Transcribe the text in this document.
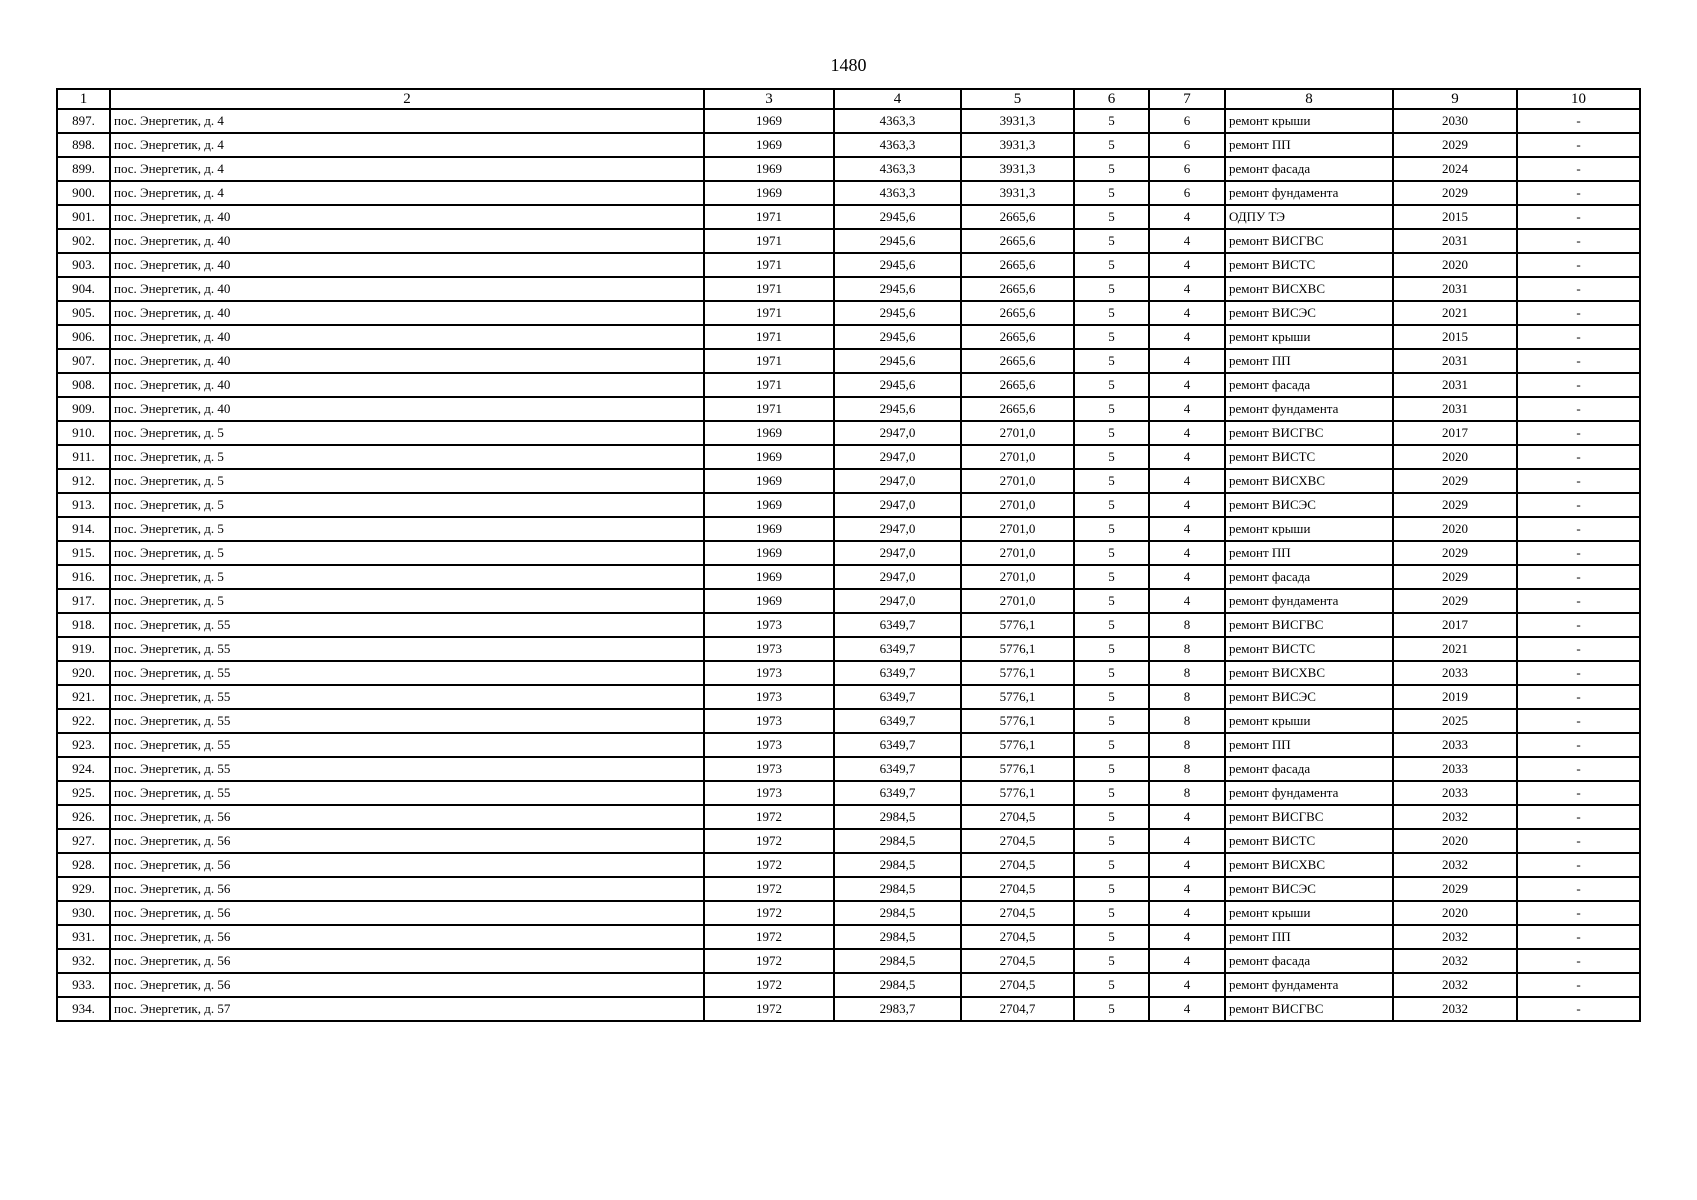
1480
1	2	3	4	5	6	7	8	9	10
897.	пос. Энергетик, д. 4	1969	4363,3	3931,3	5	6	ремонт крыши	2030	-
898.	пос. Энергетик, д. 4	1969	4363,3	3931,3	5	6	ремонт ПП	2029	-
899.	пос. Энергетик, д. 4	1969	4363,3	3931,3	5	6	ремонт фасада	2024	-
900.	пос. Энергетик, д. 4	1969	4363,3	3931,3	5	6	ремонт фундамента	2029	-
901.	пос. Энергетик, д. 40	1971	2945,6	2665,6	5	4	ОДПУ ТЭ	2015	-
902.	пос. Энергетик, д. 40	1971	2945,6	2665,6	5	4	ремонт ВИСГВС	2031	-
903.	пос. Энергетик, д. 40	1971	2945,6	2665,6	5	4	ремонт ВИСТС	2020	-
904.	пос. Энергетик, д. 40	1971	2945,6	2665,6	5	4	ремонт ВИСХВС	2031	-
905.	пос. Энергетик, д. 40	1971	2945,6	2665,6	5	4	ремонт ВИСЭС	2021	-
906.	пос. Энергетик, д. 40	1971	2945,6	2665,6	5	4	ремонт крыши	2015	-
907.	пос. Энергетик, д. 40	1971	2945,6	2665,6	5	4	ремонт ПП	2031	-
908.	пос. Энергетик, д. 40	1971	2945,6	2665,6	5	4	ремонт фасада	2031	-
909.	пос. Энергетик, д. 40	1971	2945,6	2665,6	5	4	ремонт фундамента	2031	-
910.	пос. Энергетик, д. 5	1969	2947,0	2701,0	5	4	ремонт ВИСГВС	2017	-
911.	пос. Энергетик, д. 5	1969	2947,0	2701,0	5	4	ремонт ВИСТС	2020	-
912.	пос. Энергетик, д. 5	1969	2947,0	2701,0	5	4	ремонт ВИСХВС	2029	-
913.	пос. Энергетик, д. 5	1969	2947,0	2701,0	5	4	ремонт ВИСЭС	2029	-
914.	пос. Энергетик, д. 5	1969	2947,0	2701,0	5	4	ремонт крыши	2020	-
915.	пос. Энергетик, д. 5	1969	2947,0	2701,0	5	4	ремонт ПП	2029	-
916.	пос. Энергетик, д. 5	1969	2947,0	2701,0	5	4	ремонт фасада	2029	-
917.	пос. Энергетик, д. 5	1969	2947,0	2701,0	5	4	ремонт фундамента	2029	-
918.	пос. Энергетик, д. 55	1973	6349,7	5776,1	5	8	ремонт ВИСГВС	2017	-
919.	пос. Энергетик, д. 55	1973	6349,7	5776,1	5	8	ремонт ВИСТС	2021	-
920.	пос. Энергетик, д. 55	1973	6349,7	5776,1	5	8	ремонт ВИСХВС	2033	-
921.	пос. Энергетик, д. 55	1973	6349,7	5776,1	5	8	ремонт ВИСЭС	2019	-
922.	пос. Энергетик, д. 55	1973	6349,7	5776,1	5	8	ремонт крыши	2025	-
923.	пос. Энергетик, д. 55	1973	6349,7	5776,1	5	8	ремонт ПП	2033	-
924.	пос. Энергетик, д. 55	1973	6349,7	5776,1	5	8	ремонт фасада	2033	-
925.	пос. Энергетик, д. 55	1973	6349,7	5776,1	5	8	ремонт фундамента	2033	-
926.	пос. Энергетик, д. 56	1972	2984,5	2704,5	5	4	ремонт ВИСГВС	2032	-
927.	пос. Энергетик, д. 56	1972	2984,5	2704,5	5	4	ремонт ВИСТС	2020	-
928.	пос. Энергетик, д. 56	1972	2984,5	2704,5	5	4	ремонт ВИСХВС	2032	-
929.	пос. Энергетик, д. 56	1972	2984,5	2704,5	5	4	ремонт ВИСЭС	2029	-
930.	пос. Энергетик, д. 56	1972	2984,5	2704,5	5	4	ремонт крыши	2020	-
931.	пос. Энергетик, д. 56	1972	2984,5	2704,5	5	4	ремонт ПП	2032	-
932.	пос. Энергетик, д. 56	1972	2984,5	2704,5	5	4	ремонт фасада	2032	-
933.	пос. Энергетик, д. 56	1972	2984,5	2704,5	5	4	ремонт фундамента	2032	-
934.	пос. Энергетик, д. 57	1972	2983,7	2704,7	5	4	ремонт ВИСГВС	2032	-
